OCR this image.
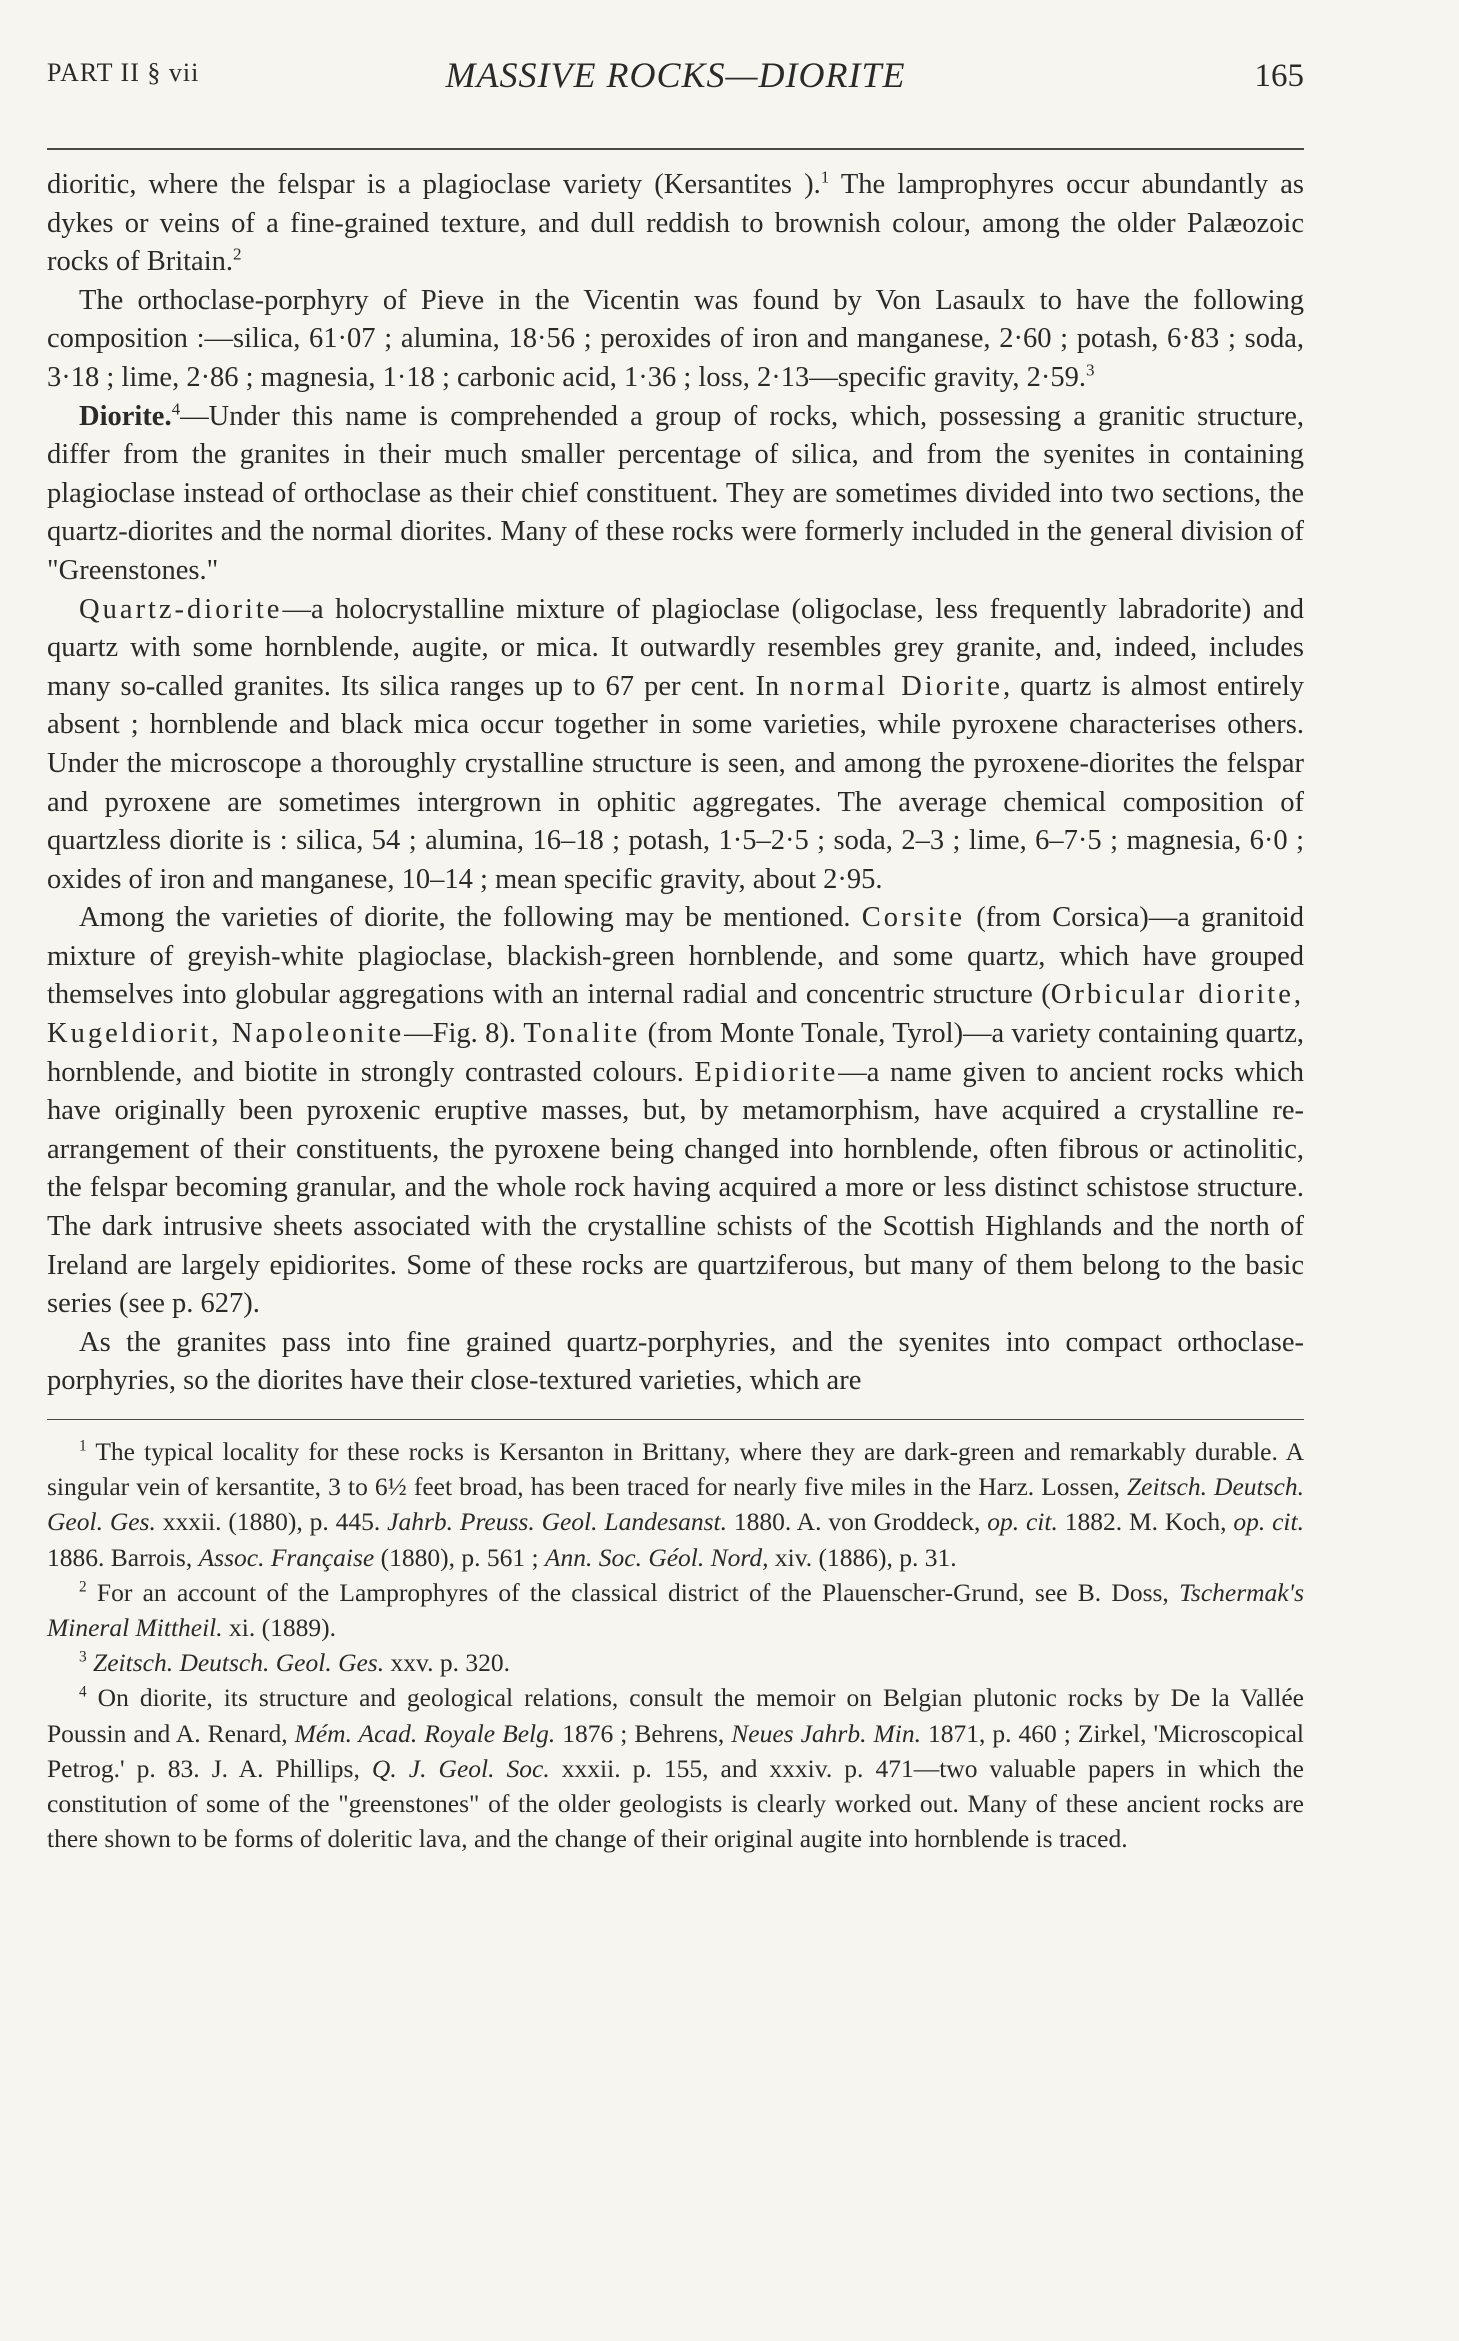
PART II § vii	MASSIVE ROCKS—DIORITE	165

dioritic, where the felspar is a plagioclase variety (Kersantites ).$^1$ The lamprophyres occur abundantly as dykes or veins of a fine-grained texture, and dull reddish to brownish colour, among the older Palæozoic rocks of Britain.$^2$

The orthoclase-porphyry of Pieve in the Vicentin was found by Von Lasaulx to have the following composition :—silica, 61·07 ; alumina, 18·56 ; peroxides of iron and manganese, 2·60 ; potash, 6·83 ; soda, 3·18 ; lime, 2·86 ; magnesia, 1·18 ; carbonic acid, 1·36 ; loss, 2·13—specific gravity, 2·59.$^3$

Diorite.$^4$—Under this name is comprehended a group of rocks, which, possessing a granitic structure, differ from the granites in their much smaller percentage of silica, and from the syenites in containing plagioclase instead of orthoclase as their chief constituent. They are sometimes divided into two sections, the quartz-diorites and the normal diorites. Many of these rocks were formerly included in the general division of "Greenstones."

Quartz-diorite—a holocrystalline mixture of plagioclase (oligoclase, less frequently labradorite) and quartz with some hornblende, augite, or mica. It outwardly resembles grey granite, and, indeed, includes many so-called granites. Its silica ranges up to 67 per cent. In normal Diorite, quartz is almost entirely absent ; hornblende and black mica occur together in some varieties, while pyroxene characterises others. Under the microscope a thoroughly crystalline structure is seen, and among the pyroxene-diorites the felspar and pyroxene are sometimes intergrown in ophitic aggregates. The average chemical composition of quartzless diorite is : silica, 54 ; alumina, 16–18 ; potash, 1·5–2·5 ; soda, 2–3 ; lime, 6–7·5 ; magnesia, 6·0 ; oxides of iron and manganese, 10–14 ; mean specific gravity, about 2·95.

Among the varieties of diorite, the following may be mentioned. Corsite (from Corsica)—a granitoid mixture of greyish-white plagioclase, blackish-green hornblende, and some quartz, which have grouped themselves into globular aggregations with an internal radial and concentric structure (Orbicular diorite, Kugeldiorit, Napoleonite—Fig. 8). Tonalite (from Monte Tonale, Tyrol)—a variety containing quartz, hornblende, and biotite in strongly contrasted colours. Epidiorite—a name given to ancient rocks which have originally been pyroxenic eruptive masses, but, by metamorphism, have acquired a crystalline re-arrangement of their constituents, the pyroxene being changed into hornblende, often fibrous or actinolitic, the felspar becoming granular, and the whole rock having acquired a more or less distinct schistose structure. The dark intrusive sheets associated with the crystalline schists of the Scottish Highlands and the north of Ireland are largely epidiorites. Some of these rocks are quartziferous, but many of them belong to the basic series (see p. 627).

As the granites pass into fine grained quartz-porphyries, and the syenites into compact orthoclase-porphyries, so the diorites have their close-textured varieties, which are

$^1$ The typical locality for these rocks is Kersanton in Brittany, where they are dark-green and remarkably durable. A singular vein of kersantite, 3 to 6½ feet broad, has been traced for nearly five miles in the Harz. Lossen, Zeitsch. Deutsch. Geol. Ges. xxxii. (1880), p. 445. Jahrb. Preuss. Geol. Landesanst. 1880. A. von Groddeck, op. cit. 1882. M. Koch, op. cit. 1886. Barrois, Assoc. Française (1880), p. 561 ; Ann. Soc. Géol. Nord, xiv. (1886), p. 31.

$^2$ For an account of the Lamprophyres of the classical district of the Plauenscher-Grund, see B. Doss, Tschermak's Mineral Mittheil. xi. (1889).

$^3$ Zeitsch. Deutsch. Geol. Ges. xxv. p. 320.

$^4$ On diorite, its structure and geological relations, consult the memoir on Belgian plutonic rocks by De la Vallée Poussin and A. Renard, Mém. Acad. Royale Belg. 1876 ; Behrens, Neues Jahrb. Min. 1871, p. 460 ; Zirkel, 'Microscopical Petrog.' p. 83. J. A. Phillips, Q. J. Geol. Soc. xxxii. p. 155, and xxxiv. p. 471—two valuable papers in which the constitution of some of the "greenstones" of the older geologists is clearly worked out. Many of these ancient rocks are there shown to be forms of doleritic lava, and the change of their original augite into hornblende is traced.
